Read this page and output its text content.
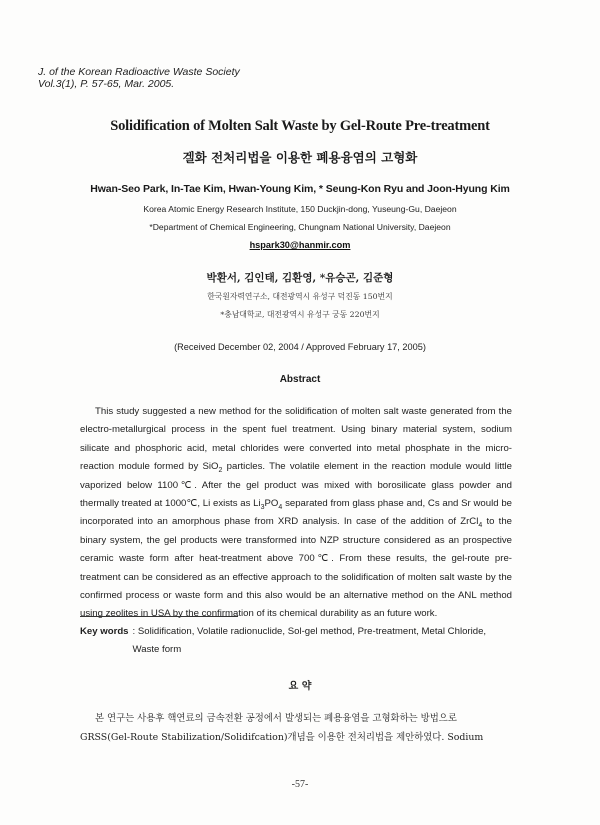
J. of the Korean Radioactive Waste Society
Vol.3(1), P. 57-65, Mar. 2005.
Solidification of Molten Salt Waste by Gel-Route Pre-treatment
겔화 전처리법을 이용한 폐용융염의 고형화
Hwan-Seo Park, In-Tae Kim, Hwan-Young Kim, * Seung-Kon Ryu and Joon-Hyung Kim
Korea Atomic Energy Research Institute, 150 Duckjin-dong, Yuseung-Gu, Daejeon
*Department of Chemical Engineering, Chungnam National University, Daejeon
hspark30@hanmir.com
박환서, 김인태, 김환영, *유승곤, 김준형
한국원자력연구소, 대전광역시 유성구 덕진동 150번지
*충남대학교, 대전광역시 유성구 궁동 220번지
(Received December 02, 2004 / Approved February 17, 2005)
Abstract

This study suggested a new method for the solidification of molten salt waste generated from the electro-metallurgical process in the spent fuel treatment. Using binary material system, sodium silicate and phosphoric acid, metal chlorides were converted into metal phosphate in the micro-reaction module formed by SiO$_2$ particles. The volatile element in the reaction module would little vaporized below 1100℃. After the gel product was mixed with borosilicate glass powder and thermally treated at 1000℃, Li exists as $Li_3PO_4$ separated from glass phase and, Cs and Sr would be incorporated into an amorphous phase from XRD analysis. In case of the addition of ZrCl$_4$ to the binary system, the gel products were transformed into NZP structure considered as an prospective ceramic waste form after heat-treatment above 700℃. From these results, the gel-route pre-treatment can be considered as an effective approach to the solidification of molten salt waste by the confirmed process or waste form and this also would be an alternative method on the ANL method using zeolites in USA by the confirmation of its chemical durability as an future work.

Key words : Solidification, Volatile radionuclide, Sol-gel method, Pre-treatment, Metal Chloride, Waste form
요 약

본 연구는 사용후 핵연료의 금속전환 공정에서 발생되는 폐용융염을 고형화하는 방법으로

GRSS(Gel-Route Stabilization/Solidifcation)개념을 이용한 전처리법을 제안하였다. Sodium

-57-
